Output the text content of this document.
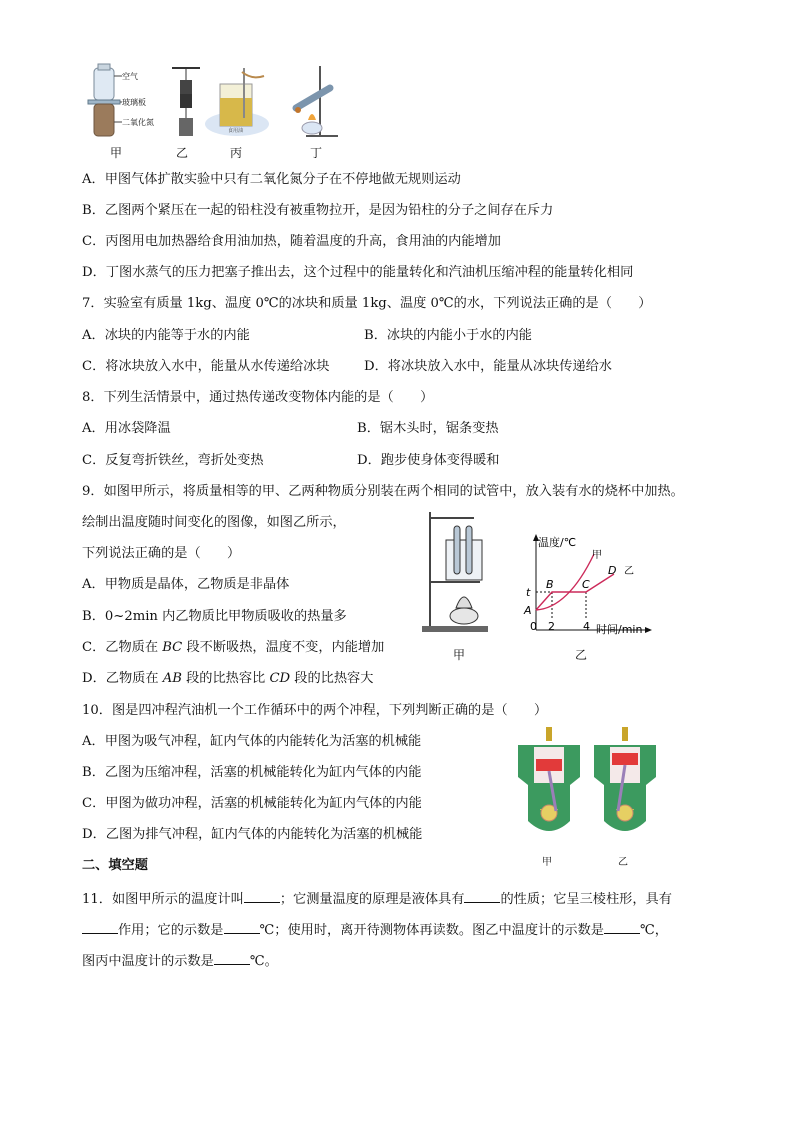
空气
玻璃板
二氧化氮
食用油
甲	乙	丙	丁
A．甲图气体扩散实验中只有二氧化氮分子在不停地做无规则运动
B．乙图两个紧压在一起的铅柱没有被重物拉开，是因为铅柱的分子之间存在斥力
C．丙图用电加热器给食用油加热，随着温度的升高，食用油的内能增加
D．丁图水蒸气的压力把塞子推出去，这个过程中的能量转化和汽油机压缩冲程的能量转化相同
7．实验室有质量 1kg、温度 0℃的冰块和质量 1kg、温度 0℃的水，下列说法正确的是（　　）
A．冰块的内能等于水的内能	B．冰块的内能小于水的内能
C．将冰块放入水中，能量从水传递给冰块	D．将冰块放入水中，能量从冰块传递给水
8．下列生活情景中，通过热传递改变物体内能的是（　　）
A．用冰袋降温	B．锯木头时，锯条变热
C．反复弯折铁丝，弯折处变热	D．跑步使身体变得暖和
9．如图甲所示，将质量相等的甲、乙两种物质分别装在两个相同的试管中，放入装有水的烧杯中加热。
绘制出温度随时间变化的图像，如图乙所示，
下列说法正确的是（　　）
A．甲物质是晶体，乙物质是非晶体
B．0~2min 内乙物质比甲物质吸收的热量多
C．乙物质在 BC 段不断吸热，温度不变，内能增加
D．乙物质在 AB 段的比热容比 CD 段的比热容大
甲
温度/℃
时间/min
0 2	4
t
A
B	C
D
甲
乙
乙
10．图是四冲程汽油机一个工作循环中的两个冲程，下列判断正确的是（　　）
A．甲图为吸气冲程，缸内气体的内能转化为活塞的机械能
B．乙图为压缩冲程，活塞的机械能转化为缸内气体的内能
C．甲图为做功冲程，活塞的机械能转化为缸内气体的内能
D．乙图为排气冲程，缸内气体的内能转化为活塞的机械能
甲	乙
二、填空题
11．如图甲所示的温度计叫	；它测量温度的原理是液体具有	的性质；它呈三棱柱形，具有
作用；它的示数是	℃；使用时，离开待测物体再读数。图乙中温度计的示数是	℃，
图丙中温度计的示数是	℃。
